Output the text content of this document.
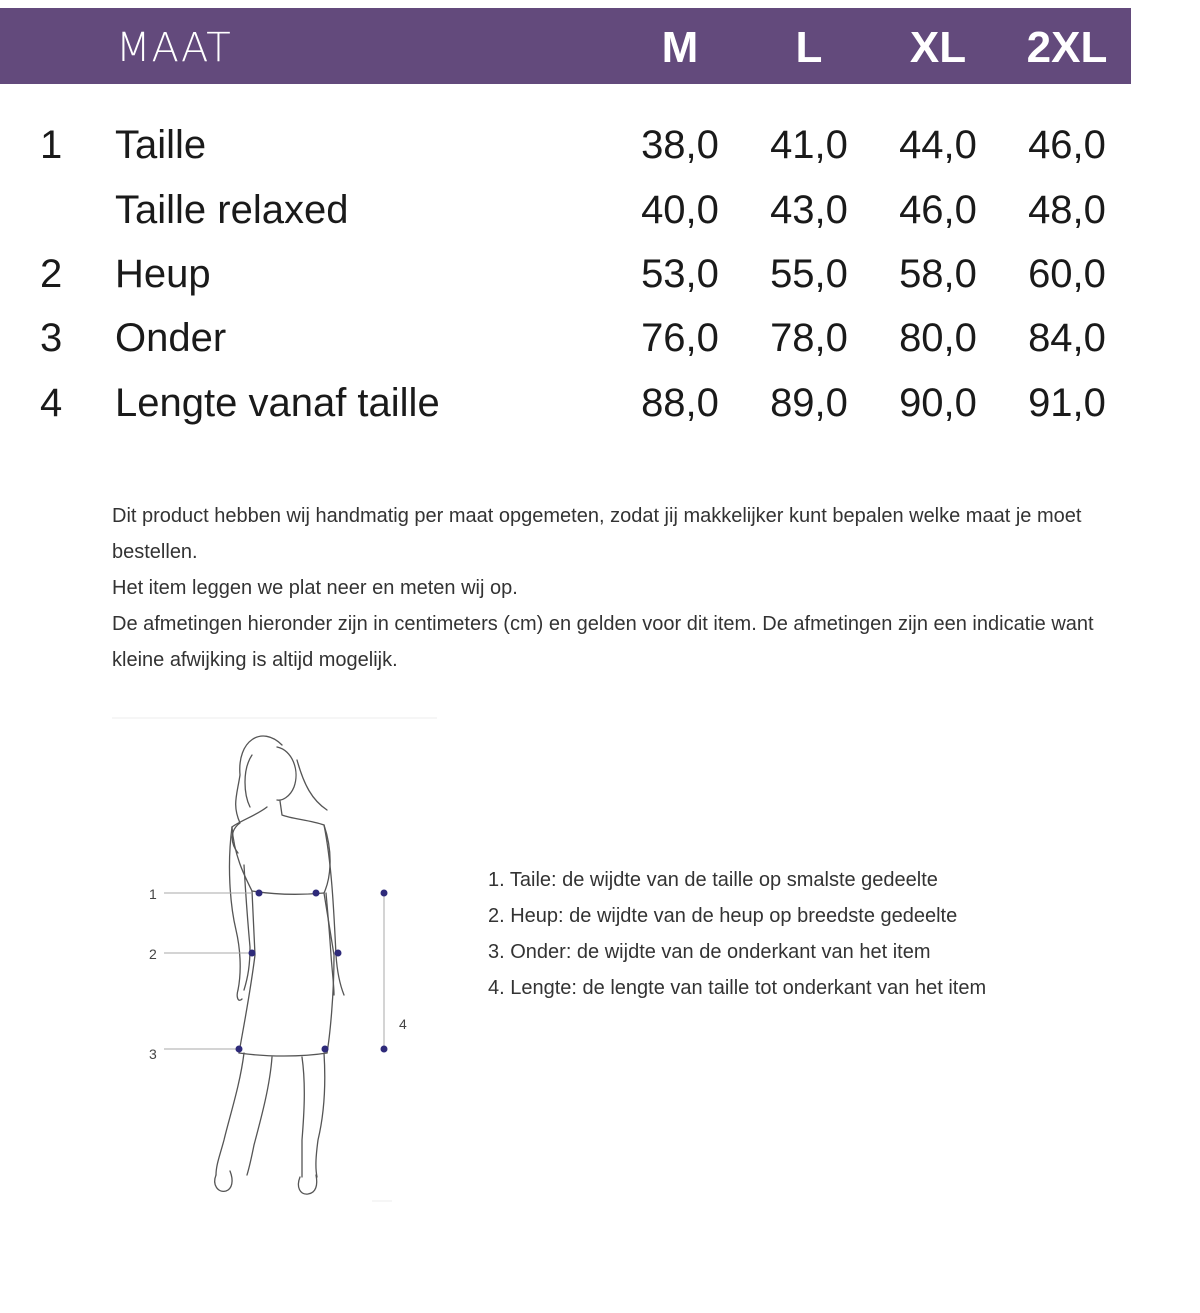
MAAT	M	L	XL	2XL
1 Taille	38,0	41,0	44,0	46,0
Taille relaxed	40,0	43,0	46,0	48,0
2 Heup	53,0	55,0	58,0	60,0
3 Onder	76,0	78,0	80,0	84,0
4 Lengte vanaf taille	88,0	89,0	90,0	91,0

Dit product hebben wij handmatig per maat opgemeten, zodat jij makkelijker kunt bepalen welke maat je moet bestellen.

Het item leggen we plat neer en meten wij op.

De afmetingen hieronder zijn in centimeters (cm) en gelden voor dit item. De afmetingen zijn een indicatie want kleine afwijking is altijd mogelijk.

1
2
3
4

1. Taile: de wijdte van de taille op smalste gedeelte

2. Heup: de wijdte van de heup op breedste gedeelte

3. Onder: de wijdte van de onderkant van het item

4. Lengte: de lengte van taille tot onderkant van het item
